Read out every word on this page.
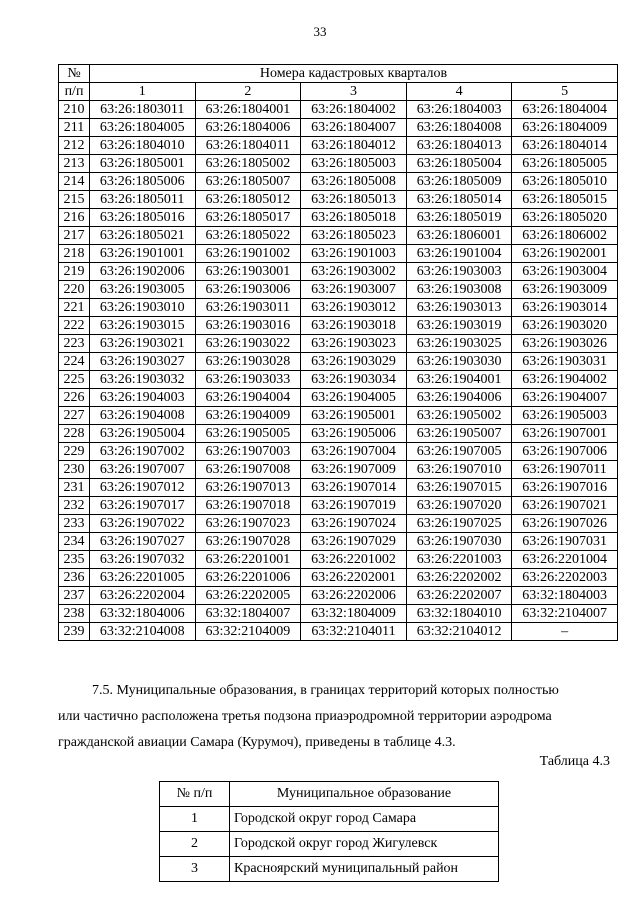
33
№	Номера кадастровых кварталов				
п/п	1	2	3	4	5
210	63:26:1803011	63:26:1804001	63:26:1804002	63:26:1804003	63:26:1804004
211	63:26:1804005	63:26:1804006	63:26:1804007	63:26:1804008	63:26:1804009
212	63:26:1804010	63:26:1804011	63:26:1804012	63:26:1804013	63:26:1804014
213	63:26:1805001	63:26:1805002	63:26:1805003	63:26:1805004	63:26:1805005
214	63:26:1805006	63:26:1805007	63:26:1805008	63:26:1805009	63:26:1805010
215	63:26:1805011	63:26:1805012	63:26:1805013	63:26:1805014	63:26:1805015
216	63:26:1805016	63:26:1805017	63:26:1805018	63:26:1805019	63:26:1805020
217	63:26:1805021	63:26:1805022	63:26:1805023	63:26:1806001	63:26:1806002
218	63:26:1901001	63:26:1901002	63:26:1901003	63:26:1901004	63:26:1902001
219	63:26:1902006	63:26:1903001	63:26:1903002	63:26:1903003	63:26:1903004
220	63:26:1903005	63:26:1903006	63:26:1903007	63:26:1903008	63:26:1903009
221	63:26:1903010	63:26:1903011	63:26:1903012	63:26:1903013	63:26:1903014
222	63:26:1903015	63:26:1903016	63:26:1903018	63:26:1903019	63:26:1903020
223	63:26:1903021	63:26:1903022	63:26:1903023	63:26:1903025	63:26:1903026
224	63:26:1903027	63:26:1903028	63:26:1903029	63:26:1903030	63:26:1903031
225	63:26:1903032	63:26:1903033	63:26:1903034	63:26:1904001	63:26:1904002
226	63:26:1904003	63:26:1904004	63:26:1904005	63:26:1904006	63:26:1904007
227	63:26:1904008	63:26:1904009	63:26:1905001	63:26:1905002	63:26:1905003
228	63:26:1905004	63:26:1905005	63:26:1905006	63:26:1905007	63:26:1907001
229	63:26:1907002	63:26:1907003	63:26:1907004	63:26:1907005	63:26:1907006
230	63:26:1907007	63:26:1907008	63:26:1907009	63:26:1907010	63:26:1907011
231	63:26:1907012	63:26:1907013	63:26:1907014	63:26:1907015	63:26:1907016
232	63:26:1907017	63:26:1907018	63:26:1907019	63:26:1907020	63:26:1907021
233	63:26:1907022	63:26:1907023	63:26:1907024	63:26:1907025	63:26:1907026
234	63:26:1907027	63:26:1907028	63:26:1907029	63:26:1907030	63:26:1907031
235	63:26:1907032	63:26:2201001	63:26:2201002	63:26:2201003	63:26:2201004
236	63:26:2201005	63:26:2201006	63:26:2202001	63:26:2202002	63:26:2202003
237	63:26:2202004	63:26:2202005	63:26:2202006	63:26:2202007	63:32:1804003
238	63:32:1804006	63:32:1804007	63:32:1804009	63:32:1804010	63:32:2104007
239	63:32:2104008	63:32:2104009	63:32:2104011	63:32:2104012	–
7.5. Муниципальные образования, в границах территорий которых полностью
или частично расположена третья подзона приаэродромной территории аэродрома
гражданской авиации Самара (Курумоч), приведены в таблице 4.3.
Таблица 4.3
№ п/п	Муниципальное образование
1	Городской округ город Самара
2	Городской округ город Жигулевск
3	Красноярский муниципальный район
